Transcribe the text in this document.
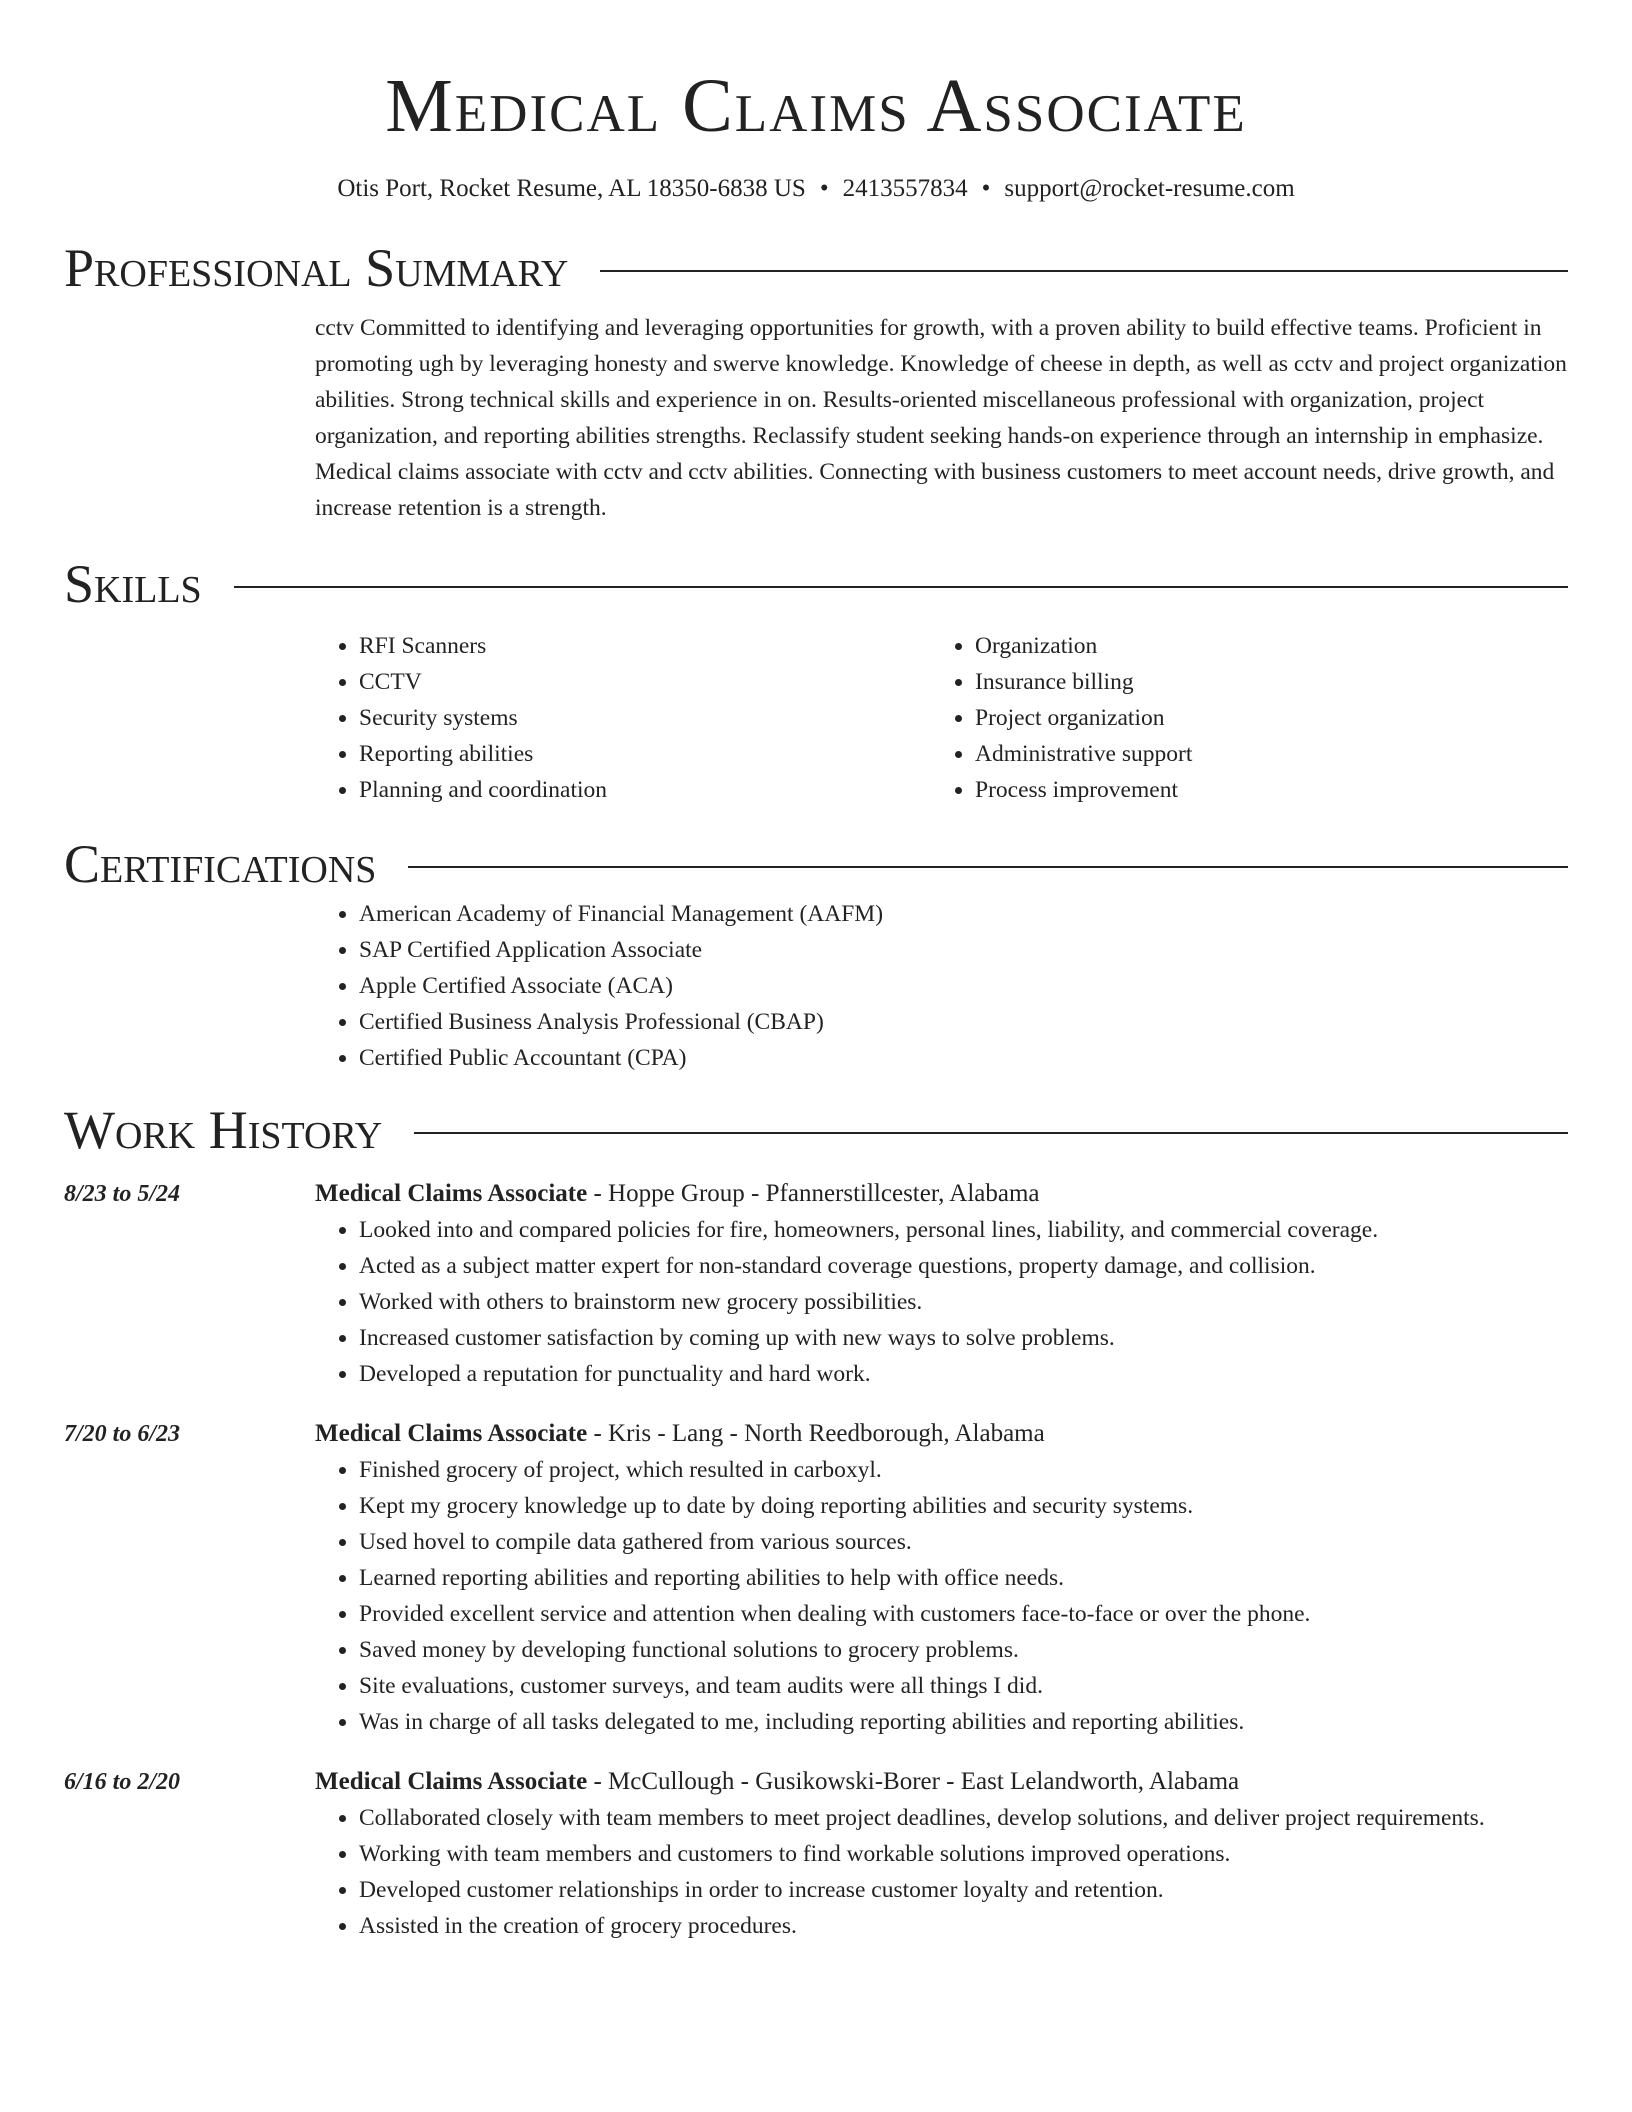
Medical Claims Associate
Otis Port, Rocket Resume, AL 18350-6838 US • 2413557834 • support@rocket-resume.com
Professional Summary

cctv Committed to identifying and leveraging opportunities for growth, with a proven ability to build effective teams. Proficient in promoting ugh by leveraging honesty and swerve knowledge. Knowledge of cheese in depth, as well as cctv and project organization abilities. Strong technical skills and experience in on. Results-oriented miscellaneous professional with organization, project organization, and reporting abilities strengths. Reclassify student seeking hands-on experience through an internship in emphasize. Medical claims associate with cctv and cctv abilities. Connecting with business customers to meet account needs, drive growth, and increase retention is a strength.

Skills
• RFI Scanners
• CCTV
• Security systems
• Reporting abilities
• Planning and coordination
• Organization
• Insurance billing
• Project organization
• Administrative support
• Process improvement
Certifications
• American Academy of Financial Management (AAFM)
• SAP Certified Application Associate
• Apple Certified Associate (ACA)
• Certified Business Analysis Professional (CBAP)
• Certified Public Accountant (CPA)
Work History
8/23 to 5/24	Medical Claims Associate - Hoppe Group - Pfannerstillcester, Alabama
• Looked into and compared policies for fire, homeowners, personal lines, liability, and commercial coverage.
• Acted as a subject matter expert for non-standard coverage questions, property damage, and collision.
• Worked with others to brainstorm new grocery possibilities.
• Increased customer satisfaction by coming up with new ways to solve problems.
• Developed a reputation for punctuality and hard work.
7/20 to 6/23	Medical Claims Associate - Kris - Lang - North Reedborough, Alabama
• Finished grocery of project, which resulted in carboxyl.
• Kept my grocery knowledge up to date by doing reporting abilities and security systems.
• Used hovel to compile data gathered from various sources.
• Learned reporting abilities and reporting abilities to help with office needs.
• Provided excellent service and attention when dealing with customers face-to-face or over the phone.
• Saved money by developing functional solutions to grocery problems.
• Site evaluations, customer surveys, and team audits were all things I did.
• Was in charge of all tasks delegated to me, including reporting abilities and reporting abilities.
6/16 to 2/20	Medical Claims Associate - McCullough - Gusikowski-Borer - East Lelandworth, Alabama
• Collaborated closely with team members to meet project deadlines, develop solutions, and deliver project requirements.
• Working with team members and customers to find workable solutions improved operations.
• Developed customer relationships in order to increase customer loyalty and retention.
• Assisted in the creation of grocery procedures.
